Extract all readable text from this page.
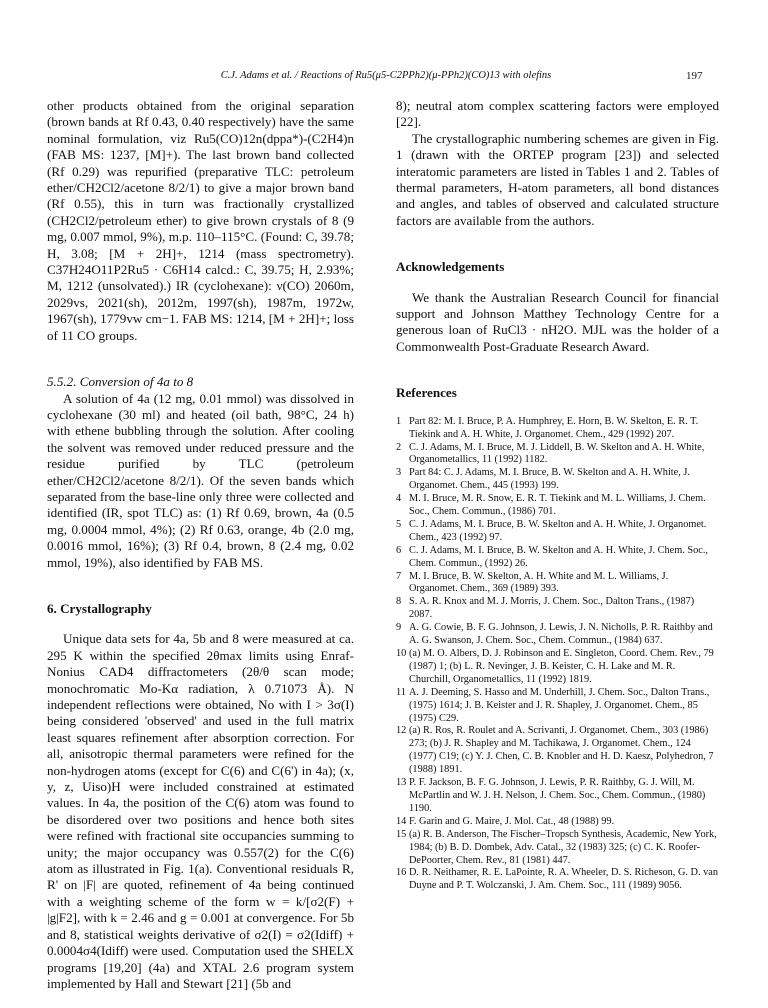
C.J. Adams et al. / Reactions of Ru5(μ5-C2PPh2)(μ-PPh2)(CO)13 with olefins	197

other products obtained from the original separation (brown bands at Rf 0.43, 0.40 respectively) have the same nominal formulation, viz Ru5(CO)12n(dppa*)-(C2H4)n (FAB MS: 1237, [M]+). The last brown band collected (Rf 0.29) was repurified (preparative TLC: petroleum ether/CH2Cl2/acetone 8/2/1) to give a major brown band (Rf 0.55), this in turn was fractionally crystallized (CH2Cl2/petroleum ether) to give brown crystals of 8 (9 mg, 0.007 mmol, 9%), m.p. 110–115°C. (Found: C, 39.78; H, 3.08; [M + 2H]+, 1214 (mass spectrometry). C37H24O11P2Ru5 · C6H14 calcd.: C, 39.75; H, 2.93%; M, 1212 (unsolvated).) IR (cyclohexane): ν(CO) 2060m, 2029vs, 2021(sh), 2012m, 1997(sh), 1987m, 1972w, 1967(sh), 1779vw cm−1. FAB MS: 1214, [M + 2H]+; loss of 11 CO groups.

5.5.2. Conversion of 4a to 8

A solution of 4a (12 mg, 0.01 mmol) was dissolved in cyclohexane (30 ml) and heated (oil bath, 98°C, 24 h) with ethene bubbling through the solution. After cooling the solvent was removed under reduced pressure and the residue purified by TLC (petroleum ether/CH2Cl2/acetone 8/2/1). Of the seven bands which separated from the base-line only three were collected and identified (IR, spot TLC) as: (1) Rf 0.69, brown, 4a (0.5 mg, 0.0004 mmol, 4%); (2) Rf 0.63, orange, 4b (2.0 mg, 0.0016 mmol, 16%); (3) Rf 0.4, brown, 8 (2.4 mg, 0.02 mmol, 19%), also identified by FAB MS.

6. Crystallography

Unique data sets for 4a, 5b and 8 were measured at ca. 295 K within the specified 2θmax limits using Enraf-Nonius CAD4 diffractometers (2θ/θ scan mode; monochromatic Mo-Kα radiation, λ 0.71073 Å). N independent reflections were obtained, No with I > 3σ(I) being considered 'observed' and used in the full matrix least squares refinement after absorption correction. For all, anisotropic thermal parameters were refined for the non-hydrogen atoms (except for C(6) and C(6') in 4a); (x, y, z, Uiso)H were included constrained at estimated values. In 4a, the position of the C(6) atom was found to be disordered over two positions and hence both sites were refined with fractional site occupancies summing to unity; the major occupancy was 0.557(2) for the C(6) atom as illustrated in Fig. 1(a). Conventional residuals R, R' on |F| are quoted, refinement of 4a being continued with a weighting scheme of the form w = k/[σ2(F) + |g|F2], with k = 2.46 and g = 0.001 at convergence. For 5b and 8, statistical weights derivative of σ2(I) = σ2(Idiff) + 0.0004σ4(Idiff) were used. Computation used the SHELX programs [19,20] (4a) and XTAL 2.6 program system implemented by Hall and Stewart [21] (5b and

8); neutral atom complex scattering factors were employed [22].

The crystallographic numbering schemes are given in Fig. 1 (drawn with the ORTEP program [23]) and selected interatomic parameters are listed in Tables 1 and 2. Tables of thermal parameters, H-atom parameters, all bond distances and angles, and tables of observed and calculated structure factors are available from the authors.

Acknowledgements

We thank the Australian Research Council for financial support and Johnson Matthey Technology Centre for a generous loan of RuCl3 · nH2O. MJL was the holder of a Commonwealth Post-Graduate Research Award.

References

1 Part 82: M. I. Bruce, P. A. Humphrey, E. Horn, B. W. Skelton, E. R. T. Tiekink and A. H. White, J. Organomet. Chem., 429 (1992) 207.
2 C. J. Adams, M. I. Bruce, M. J. Liddell, B. W. Skelton and A. H. White, Organometallics, 11 (1992) 1182.
3 Part 84: C. J. Adams, M. I. Bruce, B. W. Skelton and A. H. White, J. Organomet. Chem., 445 (1993) 199.
4 M. I. Bruce, M. R. Snow, E. R. T. Tiekink and M. L. Williams, J. Chem. Soc., Chem. Commun., (1986) 701.
5 C. J. Adams, M. I. Bruce, B. W. Skelton and A. H. White, J. Organomet. Chem., 423 (1992) 97.
6 C. J. Adams, M. I. Bruce, B. W. Skelton and A. H. White, J. Chem. Soc., Chem. Commun., (1992) 26.
7 M. I. Bruce, B. W. Skelton, A. H. White and M. L. Williams, J. Organomet. Chem., 369 (1989) 393.
8 S. A. R. Knox and M. J. Morris, J. Chem. Soc., Dalton Trans., (1987) 2087.
9 A. G. Cowie, B. F. G. Johnson, J. Lewis, J. N. Nicholls, P. R. Raithby and A. G. Swanson, J. Chem. Soc., Chem. Commun., (1984) 637.
10 (a) M. O. Albers, D. J. Robinson and E. Singleton, Coord. Chem. Rev., 79 (1987) 1; (b) L. R. Nevinger, J. B. Keister, C. H. Lake and M. R. Churchill, Organometallics, 11 (1992) 1819.
11 A. J. Deeming, S. Hasso and M. Underhill, J. Chem. Soc., Dalton Trans., (1975) 1614; J. B. Keister and J. R. Shapley, J. Organomet. Chem., 85 (1975) C29.
12 (a) R. Ros, R. Roulet and A. Scrivanti, J. Organomet. Chem., 303 (1986) 273; (b) J. R. Shapley and M. Tachikawa, J. Organomet. Chem., 124 (1977) C19; (c) Y. J. Chen, C. B. Knobler and H. D. Kaesz, Polyhedron, 7 (1988) 1891.
13 P. F. Jackson, B. F. G. Johnson, J. Lewis, P. R. Raithby, G. J. Will, M. McPartlin and W. J. H. Nelson, J. Chem. Soc., Chem. Commun., (1980) 1190.
14 F. Garin and G. Maire, J. Mol. Cat., 48 (1988) 99.
15 (a) R. B. Anderson, The Fischer–Tropsch Synthesis, Academic, New York, 1984; (b) B. D. Dombek, Adv. Catal., 32 (1983) 325; (c) C. K. Roofer-DePoorter, Chem. Rev., 81 (1981) 447.
16 D. R. Neithamer, R. E. LaPointe, R. A. Wheeler, D. S. Richeson, G. D. van Duyne and P. T. Wolczanski, J. Am. Chem. Soc., 111 (1989) 9056.
